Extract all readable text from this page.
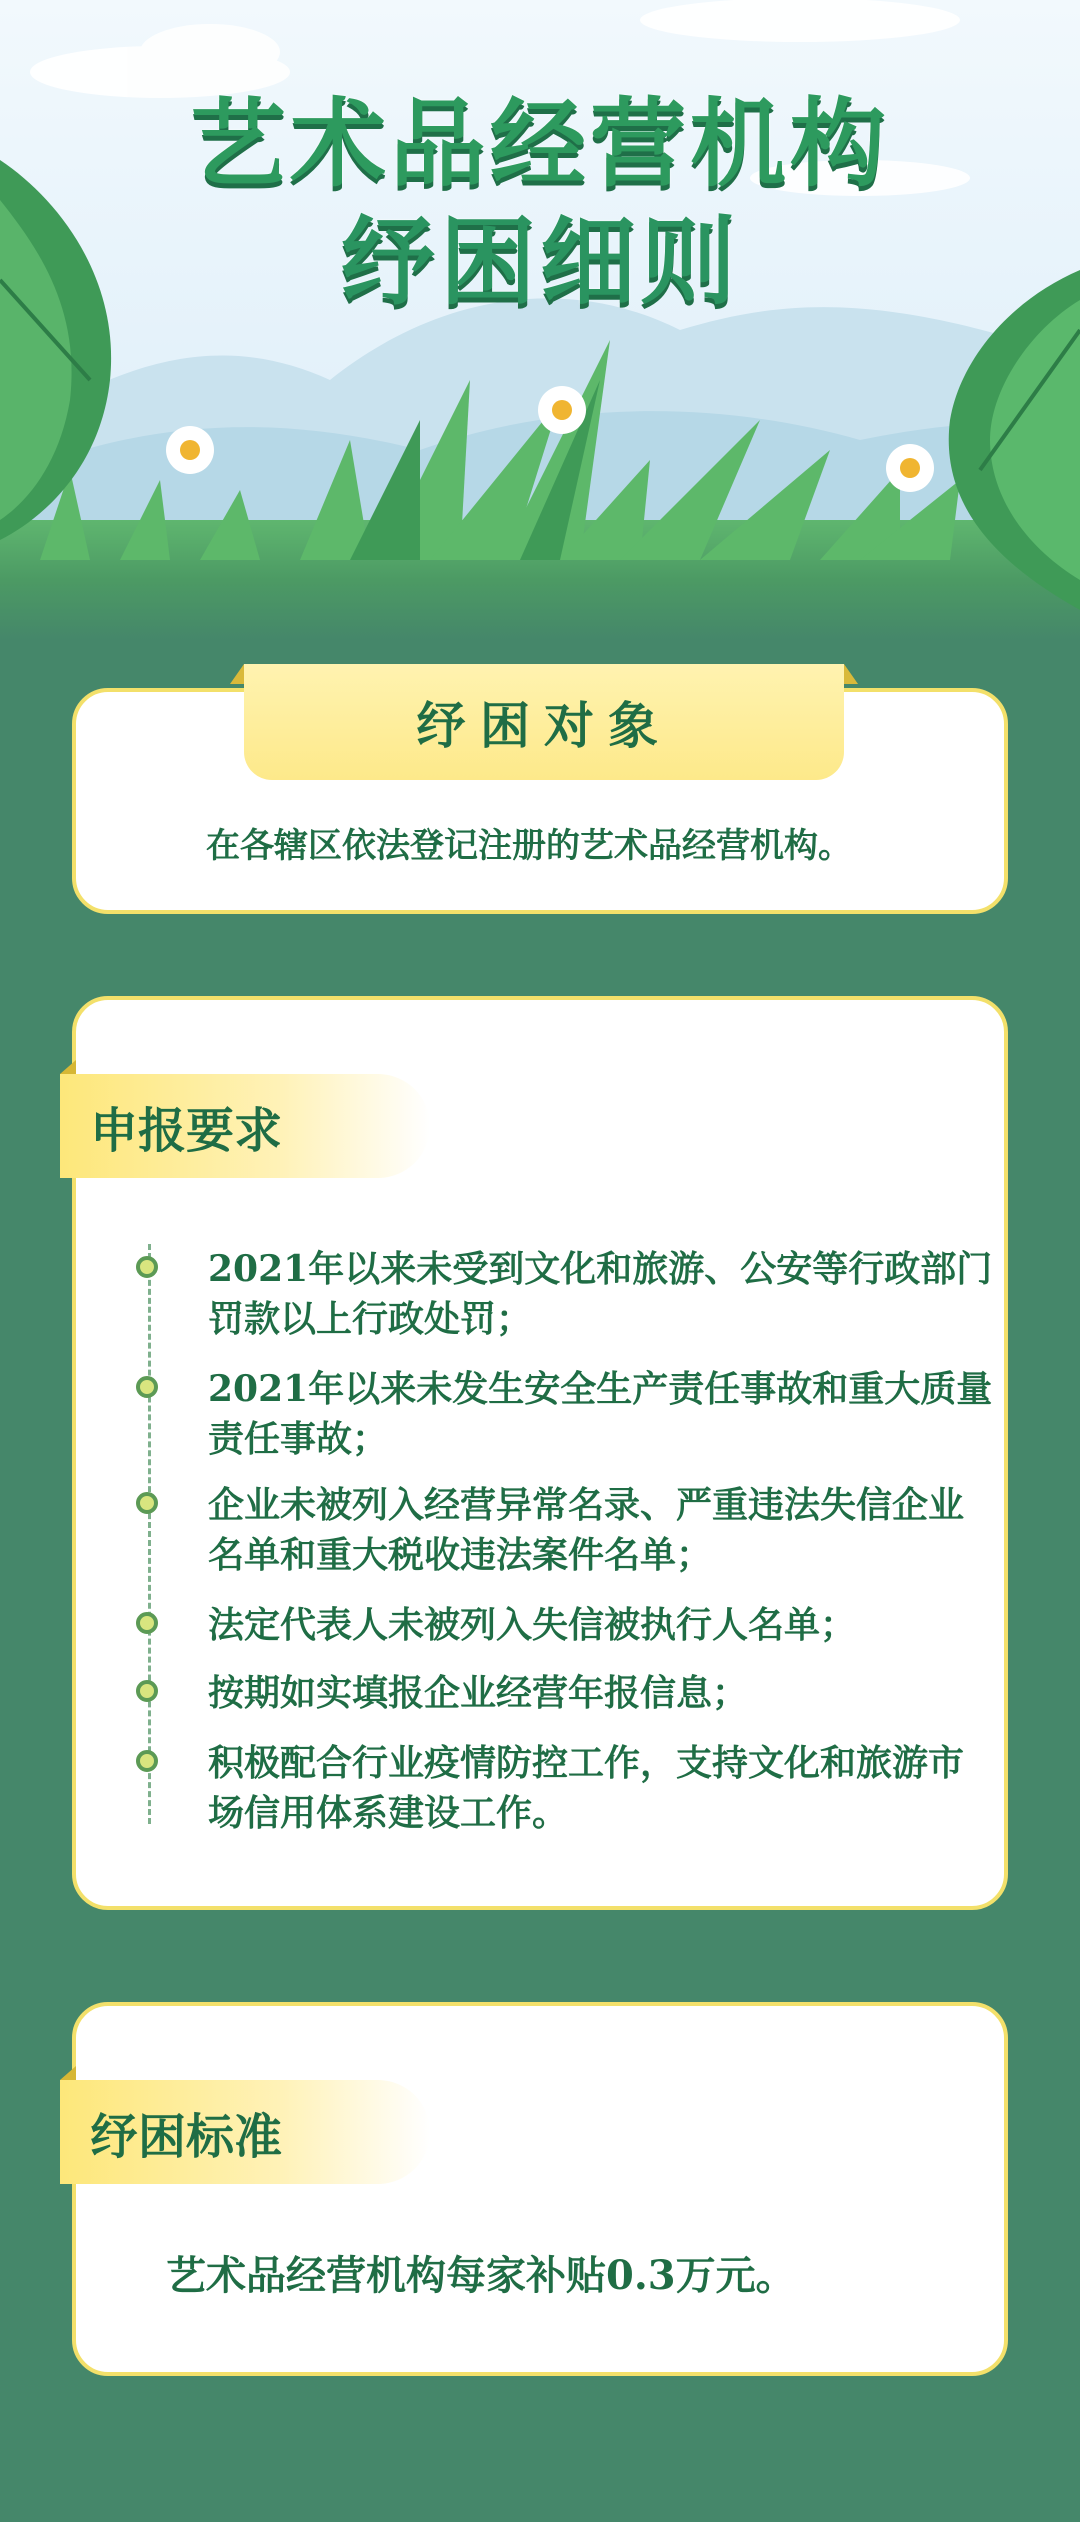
艺术品经营机构
纾困细则
纾困对象
在各辖区依法登记注册的艺术品经营机构。
申报要求
2021年以来未受到文化和旅游、公安等行政部门罚款以上行政处罚；
2021年以来未发生安全生产责任事故和重大质量责任事故；
企业未被列入经营异常名录、严重违法失信企业名单和重大税收违法案件名单；
法定代表人未被列入失信被执行人名单；
按期如实填报企业经营年报信息；
积极配合行业疫情防控工作，支持文化和旅游市场信用体系建设工作。
纾困标准
艺术品经营机构每家补贴0.3万元。
